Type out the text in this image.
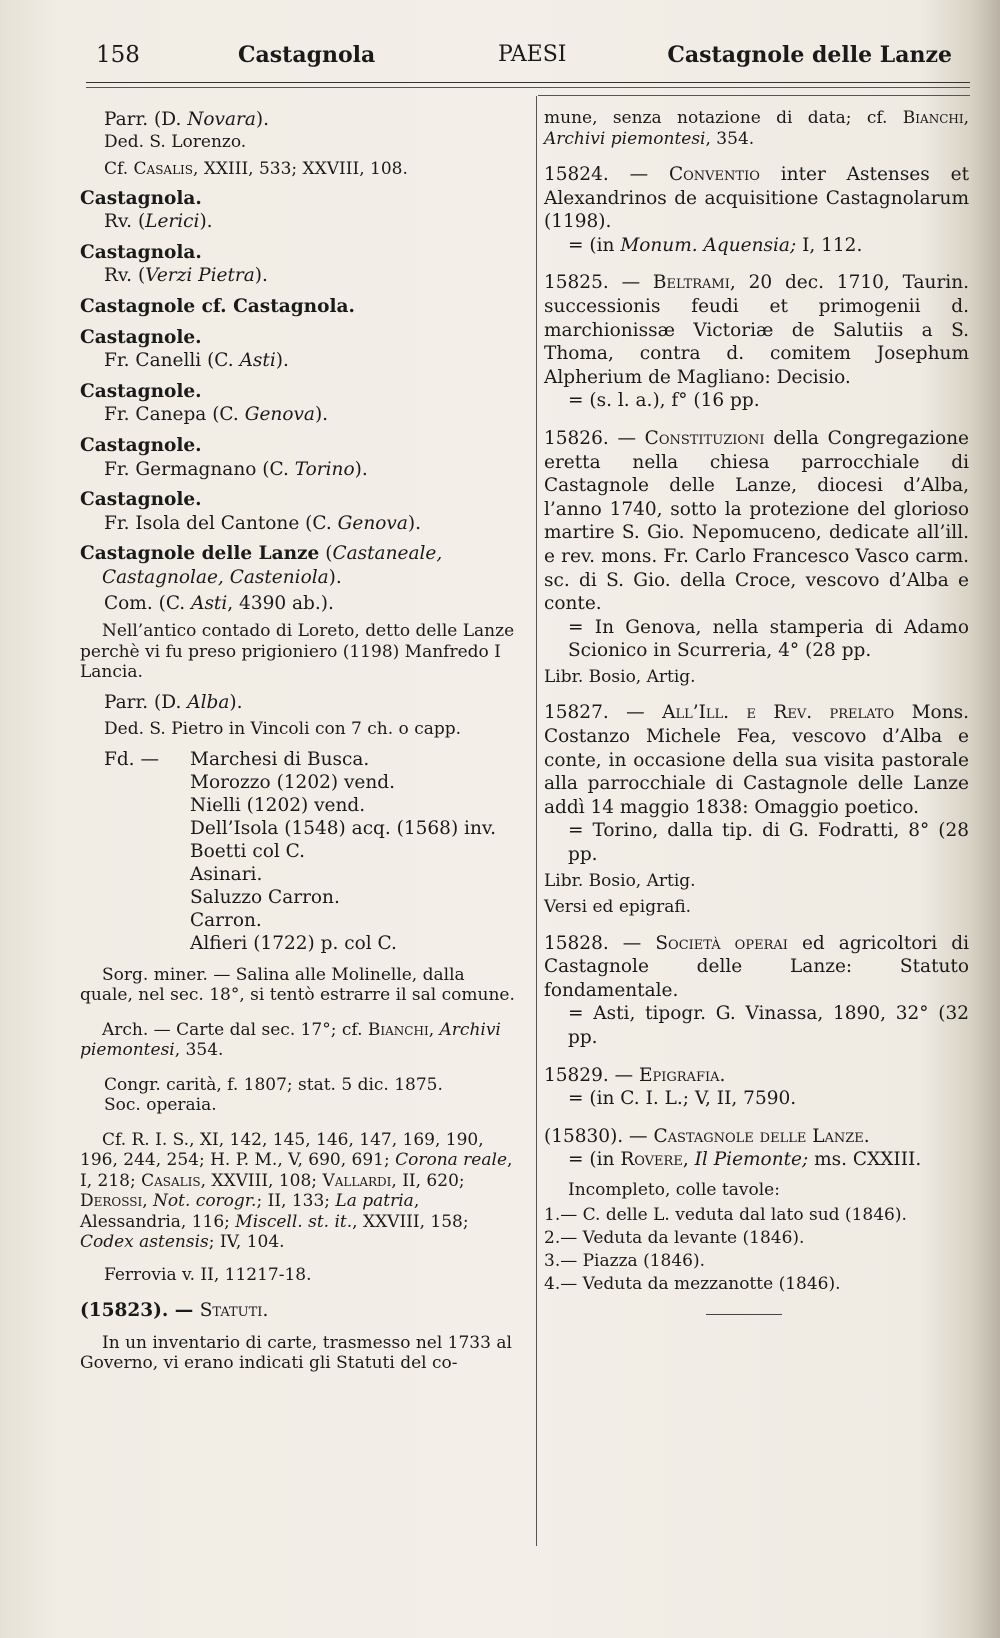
158	Castagnola	PAESI	Castagnole delle Lanze
Parr. (D. Novara).
Ded. S. Lorenzo.
Cf. Casalis, XXIII, 533; XXVIII, 108.
Castagnola.
Rv. (Lerici).
Castagnola.
Rv. (Verzi Pietra).
Castagnole cf. Castagnola.
Castagnole.
Fr. Canelli (C. Asti).
Castagnole.
Fr. Canepa (C. Genova).
Castagnole.
Fr. Germagnano (C. Torino).
Castagnole.
Fr. Isola del Cantone (C. Genova).
Castagnole delle Lanze (Castaneale, Castagnolae, Casteniola).
Com. (C. Asti, 4390 ab.).
Nell’antico contado di Loreto, detto delle Lanze perchè vi fu preso prigioniero (1198) Manfredo I Lancia.
Parr. (D. Alba).
Ded. S. Pietro in Vincoli con 7 ch. o capp.
Fd. —	Marchesi di Busca.
Morozzo (1202) vend.
Nielli (1202) vend.
Dell’Isola (1548) acq. (1568) inv.
Boetti col C.
Asinari.
Saluzzo Carron.
Carron.
Alfieri (1722) p. col C.
Sorg. miner. — Salina alle Molinelle, dalla quale, nel sec. 18°, si tentò estrarre il sal comune.
Arch. — Carte dal sec. 17°; cf. Bianchi, Archivi piemontesi, 354.
Congr. carità, f. 1807; stat. 5 dic. 1875.
Soc. operaia.
Cf. R. I. S., XI, 142, 145, 146, 147, 169, 190, 196, 244, 254; H. P. M., V, 690, 691; Corona reale, I, 218; Casalis, XXVIII, 108; Vallardi, II, 620; Derossi, Not. corogr.; II, 133; La patria, Alessandria, 116; Miscell. st. it., XXVIII, 158; Codex astensis; IV, 104.
Ferrovia v. II, 11217-18.
(15823). — Statuti.
In un inventario di carte, trasmesso nel 1733 al Governo, vi erano indicati gli Statuti del co-
mune, senza notazione di data; cf. Bianchi, Archivi piemontesi, 354.
15824. — Conventio inter Astenses et Alexandrinos de acquisitione Castagnolarum (1198).
= (in Monum. Aquensia; I, 112.
15825. — Beltrami, 20 dec. 1710, Taurin. successionis feudi et primogenii d. marchionissæ Victoriæ de Salutiis a S. Thoma, contra d. comitem Josephum Alpherium de Magliano: Decisio.
= (s. l. a.), f° (16 pp.
15826. — Constituzioni della Congregazione eretta nella chiesa parrocchiale di Castagnole delle Lanze, diocesi d’Alba, l’anno 1740, sotto la protezione del glorioso martire S. Gio. Nepomuceno, dedicate all’ill. e rev. mons. Fr. Carlo Francesco Vasco carm. sc. di S. Gio. della Croce, vescovo d’Alba e conte.
= In Genova, nella stamperia di Adamo Scionico in Scurreria, 4° (28 pp.
Libr. Bosio, Artig.
15827. — All’Ill. e Rev. prelato Mons. Costanzo Michele Fea, vescovo d’Alba e conte, in occasione della sua visita pastorale alla parrocchiale di Castagnole delle Lanze addì 14 maggio 1838: Omaggio poetico.
= Torino, dalla tip. di G. Fodratti, 8° (28 pp.
Libr. Bosio, Artig.
Versi ed epigrafi.
15828. — Società operai ed agricoltori di Castagnole delle Lanze: Statuto fondamentale.
= Asti, tipogr. G. Vinassa, 1890, 32° (32 pp.
15829. — Epigrafia.
= (in C. I. L.; V, II, 7590.
(15830). — Castagnole delle Lanze.
= (in Rovere, Il Piemonte; ms. CXXIII.
Incompleto, colle tavole:
1.— C. delle L. veduta dal lato sud (1846).
2.— Veduta da levante (1846).
3.— Piazza (1846).
4.— Veduta da mezzanotte (1846).
